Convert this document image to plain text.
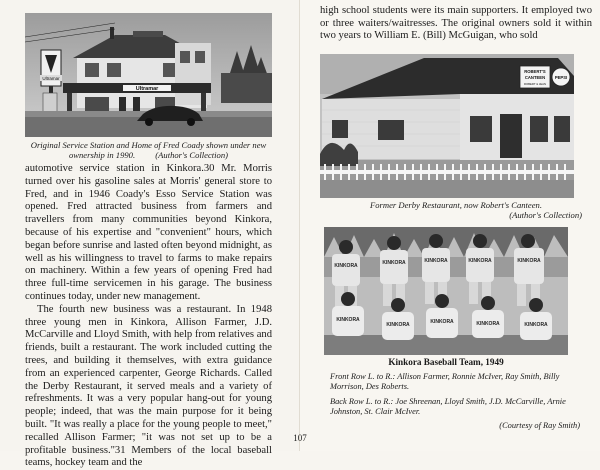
Ultramar
Ultramar
Original Service Station and Home of Fred Coady shown under new
ownership in 1990. (Author's Collection)

automotive service station in Kinkora.30 Mr. Morris turned over his gasoline sales at Morris' general store to Fred, and in 1946 Coady's Esso Service Station was opened. Fred attracted business from farmers and travellers from many communities beyond Kinkora, because of his expertise and "convenient" hours, which began before sunrise and lasted often beyond midnight, as well as his willingness to travel to farms to make repairs on machinery. Within a few years of opening Fred had three full-time servicemen in his garage. The business continues today, under new management.

The fourth new business was a restaurant. In 1948 three young men in Kinkora, Allison Farmer, J.D. McCarville and Lloyd Smith, with help from relatives and friends, built a restaurant. The work included cutting the trees, and building it themselves, with extra guidance from an experienced carpenter, George Richards. Called the Derby Restaurant, it served meals and a variety of refreshments. It was a very popular hang-out for young people; indeed, that was the main purpose for it being built. "It was really a place for the young people to meet," recalled Allison Farmer; "it was not set up to be a profitable business."31 Members of the local baseball teams, hockey team and the

high school students were its main supporters. It employed two or three waiters/waitresses. The original owners sold it within two years to William E. (Bill) McGuigan, who sold

ROBERT'S
CANTEEN
ROBERT & JEAN
PEPSI
Former Derby Restaurant, now Robert's Canteen.
(Author's Collection)
KINKORA	KINKORA	KINKORA	KINKORA	KINKORA
KINKORA
KINKORA	KINKORA	KINKORA	KINKORA
Kinkora Baseball Team, 1949

Front Row L. to R.: Allison Farmer, Ronnie McIver, Ray Smith, Billy Morrison, Des Roberts.

Back Row L. to R.: Joe Shreenan, Lloyd Smith, J.D. McCarville, Arnie Johnston, St. Clair McIver.

(Courtesy of Ray Smith)
107
